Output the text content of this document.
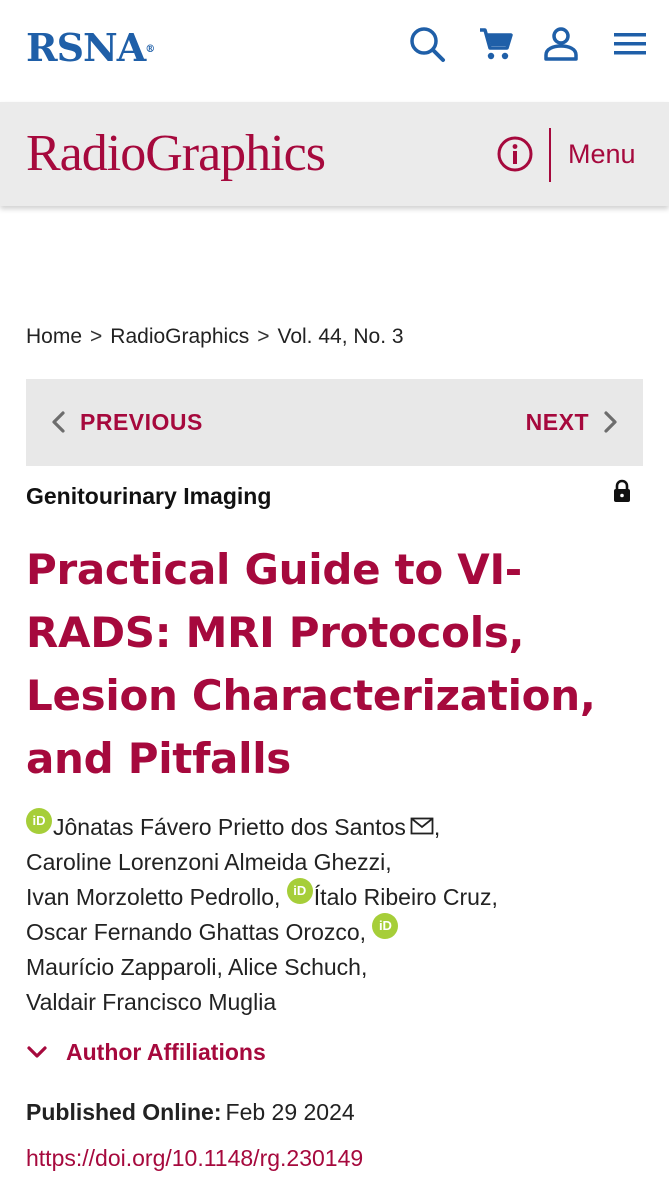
RSNA®
RadioGraphics	Menu
Home > RadioGraphics > Vol. 44, No. 3
PREVIOUS	NEXT
Genitourinary Imaging
Practical Guide to VI-RADS: MRI Protocols, Lesion Characterization, and Pitfalls
iD Jônatas Fávero Prietto dos Santos ,
Caroline Lorenzoni Almeida Ghezzi,
Ivan Morzoletto Pedrollo, iD Ítalo Ribeiro Cruz,
Oscar Fernando Ghattas Orozco, iD
Maurício Zapparoli, Alice Schuch,
Valdair Francisco Muglia
Author Affiliations
Published Online: Feb 29 2024
https://doi.org/10.1148/rg.230149
